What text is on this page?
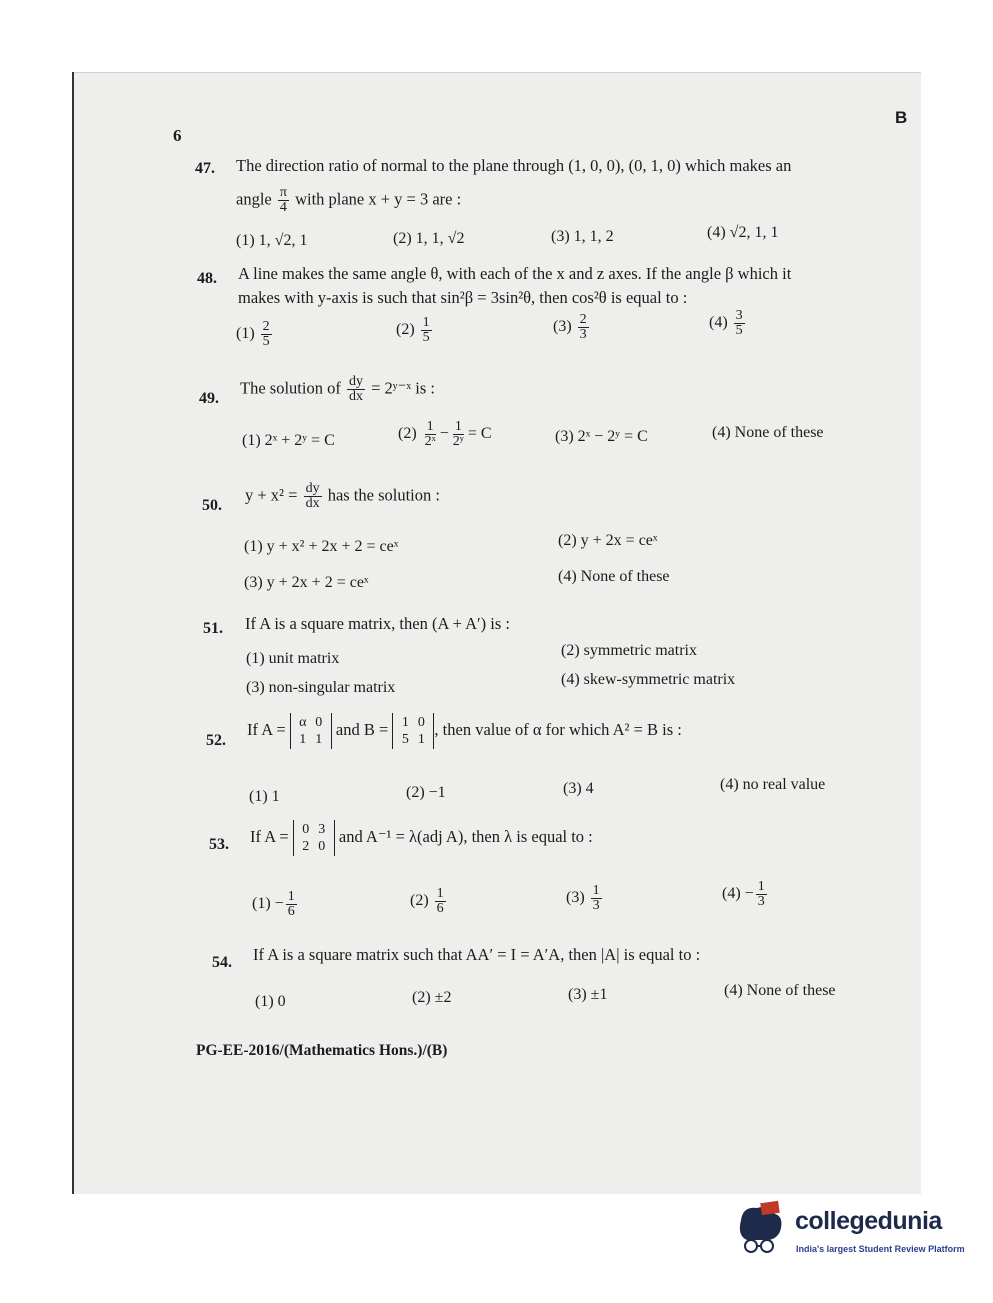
6
B
47. The direction ratio of normal to the plane through (1, 0, 0), (0, 1, 0) which makes an
angle $\frac{\pi}{4}$ with plane x + y = 3 are :
(1) 1, √2, 1	(2) 1, 1, √2	(3) 1, 1, 2	(4) √2, 1, 1
48. A line makes the same angle θ, with each of the x and z axes. If the angle β which it
makes with y-axis is such that sin²β = 3sin²θ, then cos²θ is equal to :
$(1) \frac{2}{5}$	$(2) \frac{1}{5}$	$(3) \frac{2}{3}$	$(4) \frac{3}{5}$
49.
The solution of $\frac{dy}{dx}$ = 2ʸ⁻ˣ is :
(1) 2ˣ + 2ʸ = C	$(2) \frac{1}{\text{2ˣ}} - \frac{1}{\text{2ʸ}} = C$	(3) 2ˣ − 2ʸ = C	(4) None of these
50.
$y + x^2 = \frac{dy}{dx}$ has the solution :
(1) y + x² + 2x + 2 = ceˣ	(2) y + 2x = ceˣ
(3) y + 2x + 2 = ceˣ	(4) None of these
51. If A is a square matrix, then (A + A′) is :
(1) unit matrix	(2) symmetric matrix
(3) non-singular matrix	(4) skew-symmetric matrix
52.
If A = α 0
1 1
and B = 1 0
5 1
, then value of α for which A² = B is :
(1) 1	(2) −1	(3) 4	(4) no real value
53. If A = 0 3
2 0
and A⁻¹ = λ(adj A), then λ is equal to :
$(1) - \frac{1}{6}$	$(2) \frac{1}{6}$	$(3) \frac{1}{3}$	$(4) - \frac{1}{3}$
54. If A is a square matrix such that AA′ = I = A′A, then |A| is equal to :
(1) 0	(2) ±2	(3) ±1	(4) None of these
PG-EE-2016/(Mathematics Hons.)/(B)
collegedunia
India's largest Student Review Platform
